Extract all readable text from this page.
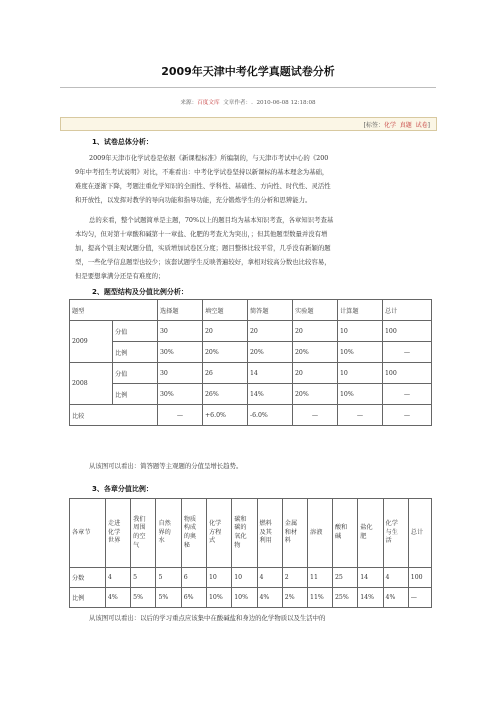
2009年天津中考化学真题试卷分析
来源：百度文库 文章作者：. 2010-06-08 12:18:08
[标签：化学 真题 试卷]
1、试卷总体分析：
2009年天津市化学试卷是依据《新课程标准》所编制的，与天津市考试中心的《200
9年中考招生考试说明》对比，不难看出：中考化学试卷坚持以新课标的基本理念为基础，
难度在逐渐下降，考题注重化学知识的全面性、学科性、基础性、方向性、时代性、灵活性
和开放性，以发挥对教学的导向功能和指导功能，充分锻炼学生的分析和思辨能力。
总的来看，整个试题简单是主题，70%以上的题目均为基本知识考查，各章知识考查基
本均匀，但对第十章酸和碱第十一章盐、化肥的考查尤为突出，；但其他题型数量并没有增
加，提高个别主观试题分值，实质增加试卷区分度；题目整体比较平常，几乎没有新颖的题
型，一些化学信息题型也较少；该套试题学生反映普遍较好，拿相对较高分数也比较容易，
但是要想拿满分还是有难度的；
2、题型结构及分值比例分析：
题型		选择题	填空题	简答题	实验题	计算题	总计
2009	分值	30	20	20	20	10	100
	比例	30%	20%	20%	20%	10%	—
2008	分值	30	26	14	20	10	100
	比例	30%	26%	14%	20%	10%	—
比较		—	+6.0%	-6.0%	—	—	—
从该图可以看出：简答题等主观题的分值呈增长趋势。
3、各章分值比例：
各章节	走进化学世界	我们周围的空气	自然界的水	物质构成的奥秘	化学方程式	碳和碳的氧化物	燃料及其利用	金属和材料	溶液	酸和碱	盐化肥	化学与生活	总计

分数	4	5	5	6	10	10	4	2	11	25	14	4	100
比例	4%	5%	5%	6%	10%	10%	4%	2%	11%	25%	14%	4%	—
从该图可以看出：以后的学习重点应该集中在酸碱盐和身边的化学物质以及生活中的
